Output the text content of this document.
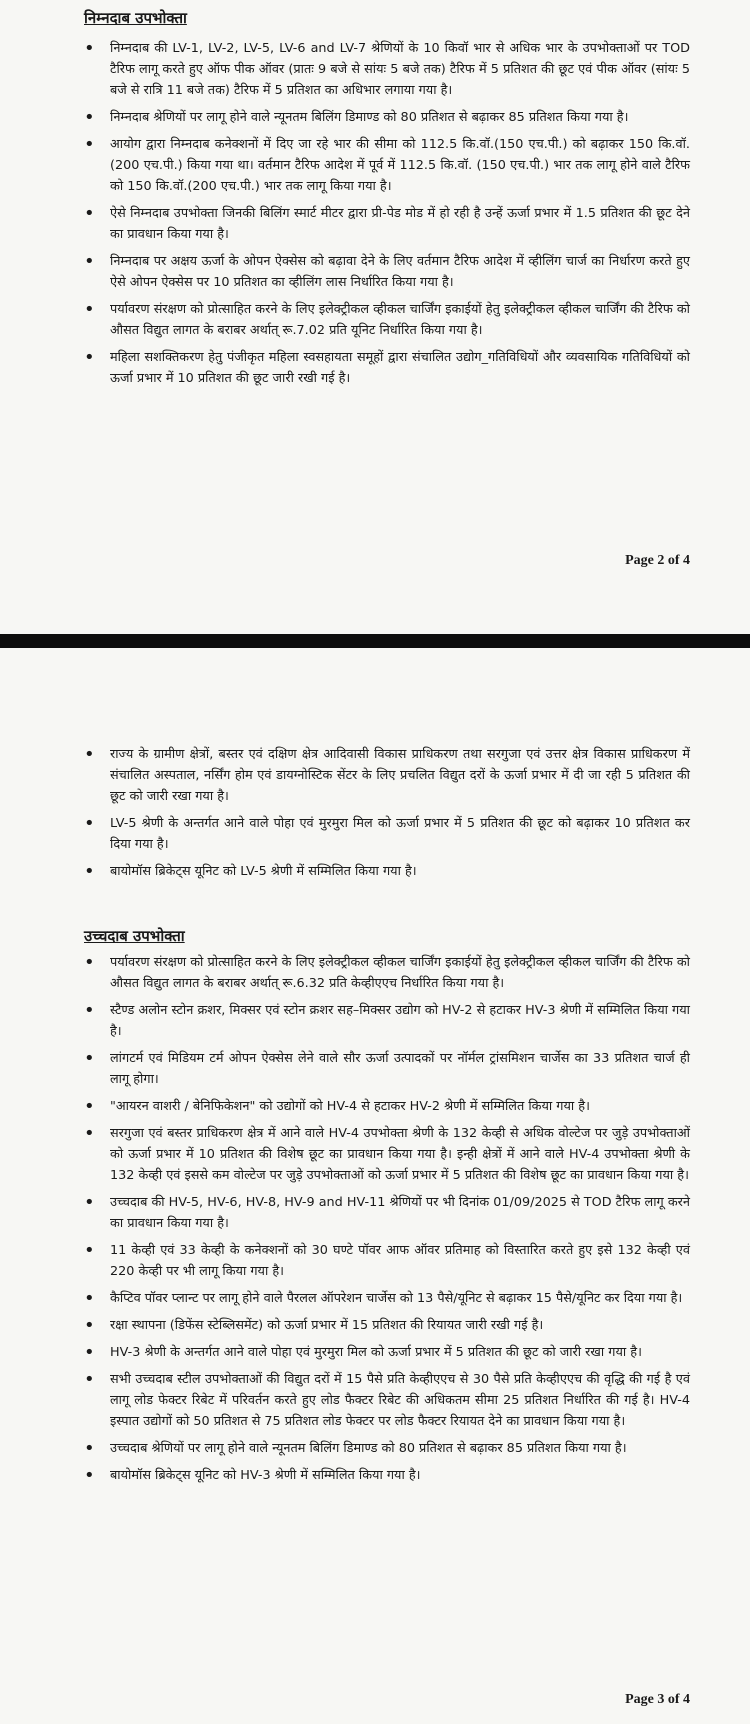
निम्नदाब उपभोक्ता
• निम्नदाब की LV-1, LV-2, LV-5, LV-6 and LV-7 श्रेणियों के 10 किवॉ भार से अधिक भार के उपभोक्ताओं पर TOD टैरिफ लागू करते हुए ऑफ पीक ऑवर (प्रातः 9 बजे से सांयः 5 बजे तक) टैरिफ में 5 प्रतिशत की छूट एवं पीक ऑवर (सांयः 5 बजे से रात्रि 11 बजे तक) टैरिफ में 5 प्रतिशत का अधिभार लगाया गया है।
• निम्नदाब श्रेणियों पर लागू होने वाले न्यूनतम बिलिंग डिमाण्ड को 80 प्रतिशत से बढ़ाकर 85 प्रतिशत किया गया है।
• आयोग द्वारा निम्नदाब कनेक्शनों में दिए जा रहे भार की सीमा को 112.5 कि.वॉ.(150 एच.पी.) को बढ़ाकर 150 कि.वॉ.(200 एच.पी.) किया गया था। वर्तमान टैरिफ आदेश में पूर्व में 112.5 कि.वॉ. (150 एच.पी.) भार तक लागू होने वाले टैरिफ को 150 कि.वॉ.(200 एच.पी.) भार तक लागू किया गया है।
• ऐसे निम्नदाब उपभोक्ता जिनकी बिलिंग स्मार्ट मीटर द्वारा प्री-पेड मोड में हो रही है उन्हें ऊर्जा प्रभार में 1.5 प्रतिशत की छूट देने का प्रावधान किया गया है।
• निम्नदाब पर अक्षय ऊर्जा के ओपन ऐक्सेस को बढ़ावा देने के लिए वर्तमान टैरिफ आदेश में व्हीलिंग चार्ज का निर्धारण करते हुए ऐसे ओपन ऐक्सेस पर 10 प्रतिशत का व्हीलिंग लास निर्धारित किया गया है।
• पर्यावरण संरक्षण को प्रोत्साहित करने के लिए इलेक्ट्रीकल व्हीकल चार्जिंग इकाईयों हेतु इलेक्ट्रीकल व्हीकल चार्जिंग की टैरिफ को औसत विद्युत लागत के बराबर अर्थात् रू.7.02 प्रति यूनिट निर्धारित किया गया है।
• महिला सशक्तिकरण हेतु पंजीकृत महिला स्वसहायता समूहों द्वारा संचालित उद्योग_गतिविधियों और व्यवसायिक गतिविधियों को ऊर्जा प्रभार में 10 प्रतिशत की छूट जारी रखी गई है।
Page 2 of 4
• राज्य के ग्रामीण क्षेत्रों, बस्तर एवं दक्षिण क्षेत्र आदिवासी विकास प्राधिकरण तथा सरगुजा एवं उत्तर क्षेत्र विकास प्राधिकरण में संचालित अस्पताल, नर्सिंग होम एवं डायग्नोस्टिक सेंटर के लिए प्रचलित विद्युत दरों के ऊर्जा प्रभार में दी जा रही 5 प्रतिशत की छूट को जारी रखा गया है।
• LV-5 श्रेणी के अन्तर्गत आने वाले पोहा एवं मुरमुरा मिल को ऊर्जा प्रभार में 5 प्रतिशत की छूट को बढ़ाकर 10 प्रतिशत कर दिया गया है।
• बायोमॉस ब्रिकेट्स यूनिट को LV-5 श्रेणी में सम्मिलित किया गया है।
उच्चदाब उपभोक्ता
• पर्यावरण संरक्षण को प्रोत्साहित करने के लिए इलेक्ट्रीकल व्हीकल चार्जिंग इकाईयों हेतु इलेक्ट्रीकल व्हीकल चार्जिंग की टैरिफ को औसत विद्युत लागत के बराबर अर्थात् रू.6.32 प्रति केव्हीएएच निर्धारित किया गया है।
• स्टैण्ड अलोन स्टोन क्रशर, मिक्सर एवं स्टोन क्रशर सह–मिक्सर उद्योग को HV-2 से हटाकर HV-3 श्रेणी में सम्मिलित किया गया है।
• लांगटर्म एवं मिडियम टर्म ओपन ऐक्सेस लेने वाले सौर ऊर्जा उत्पादकों पर नॉर्मल ट्रांसमिशन चार्जेस का 33 प्रतिशत चार्ज ही लागू होगा।
• "आयरन वाशरी / बेनिफिकेशन" को उद्योगों को HV-4 से हटाकर HV-2 श्रेणी में सम्मिलित किया गया है।
• सरगुजा एवं बस्तर प्राधिकरण क्षेत्र में आने वाले HV-4 उपभोक्ता श्रेणी के 132 केव्ही से अधिक वोल्टेज पर जुड़े उपभोक्ताओं को ऊर्जा प्रभार में 10 प्रतिशत की विशेष छूट का प्रावधान किया गया है। इन्ही क्षेत्रों में आने वाले HV-4 उपभोक्ता श्रेणी के 132 केव्ही एवं इससे कम वोल्टेज पर जुड़े उपभोक्ताओं को ऊर्जा प्रभार में 5 प्रतिशत की विशेष छूट का प्रावधान किया गया है।
• उच्चदाब की HV-5, HV-6, HV-8, HV-9 and HV-11 श्रेणियों पर भी दिनांक 01/09/2025 से TOD टैरिफ लागू करने का प्रावधान किया गया है।
• 11 केव्ही एवं 33 केव्ही के कनेक्शनों को 30 घण्टे पॉवर आफ ऑवर प्रतिमाह को विस्तारित करते हुए इसे 132 केव्ही एवं 220 केव्ही पर भी लागू किया गया है।
• कैप्टिव पॉवर प्लान्ट पर लागू होने वाले पैरलल ऑपरेशन चार्जेस को 13 पैसे/यूनिट से बढ़ाकर 15 पैसे/यूनिट कर दिया गया है।
• रक्षा स्थापना (डिफेंस स्टेब्लिसमेंट) को ऊर्जा प्रभार में 15 प्रतिशत की रियायत जारी रखी गई है।
• HV-3 श्रेणी के अन्तर्गत आने वाले पोहा एवं मुरमुरा मिल को ऊर्जा प्रभार में 5 प्रतिशत की छूट को जारी रखा गया है।
• सभी उच्चदाब स्टील उपभोक्ताओं की विद्युत दरों में 15 पैसे प्रति केव्हीएएच से 30 पैसे प्रति केव्हीएएच की वृद्धि की गई है एवं लागू लोड फेक्टर रिबेट में परिवर्तन करते हुए लोड फैक्टर रिबेट की अधिकतम सीमा 25 प्रतिशत निर्धारित की गई है। HV-4 इस्पात उद्योगों को 50 प्रतिशत से 75 प्रतिशत लोड फेक्टर पर लोड फैक्टर रियायत देने का प्रावधान किया गया है।
• उच्चदाब श्रेणियों पर लागू होने वाले न्यूनतम बिलिंग डिमाण्ड को 80 प्रतिशत से बढ़ाकर 85 प्रतिशत किया गया है।
• बायोमॉस ब्रिकेट्स यूनिट को HV-3 श्रेणी में सम्मिलित किया गया है।
Page 3 of 4
